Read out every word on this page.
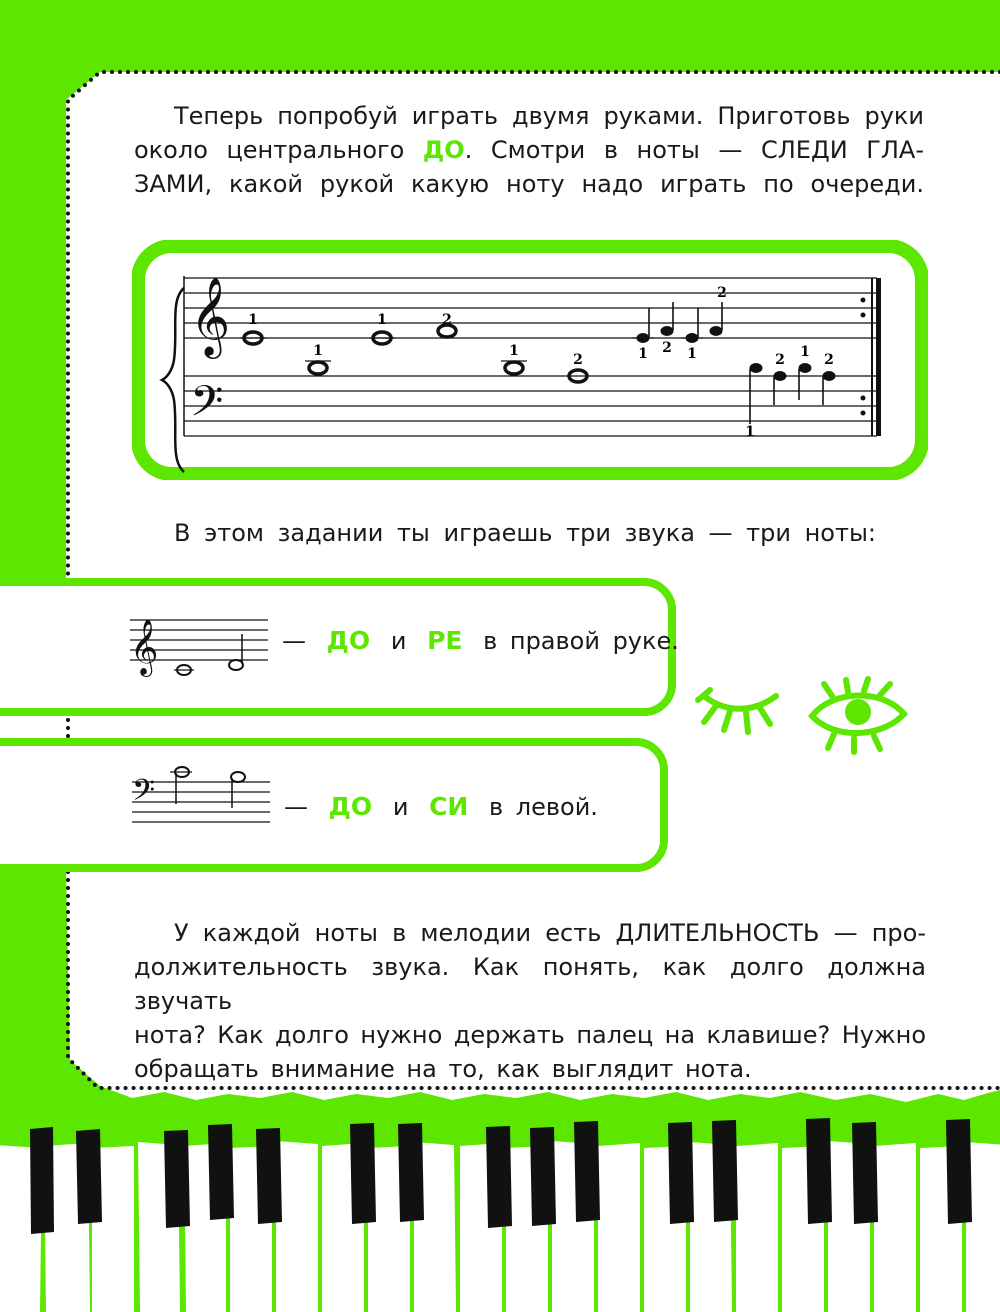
Теперь попробуй играть двумя руками. Приготовь руки
около центрального ДО. Смотри в ноты — СЛЕДИ ГЛА-
ЗАМИ, какой рукой какую ноту надо играть по очереди.
𝄞
𝄢
1	1	2
1 2 1
2
1	1
2
1
2 1 2
В этом задании ты играешь три звука — три ноты:
𝄞	— ДО и РЕ в правой руке.
𝄢	— ДО и СИ в левой.
У каждой ноты в мелодии есть ДЛИТЕЛЬНОСТЬ — про-
должительность звука. Как понять, как долго должна звучать
нота? Как долго нужно держать палец на клавише? Нужно
обращать внимание на то, как выглядит нота.
